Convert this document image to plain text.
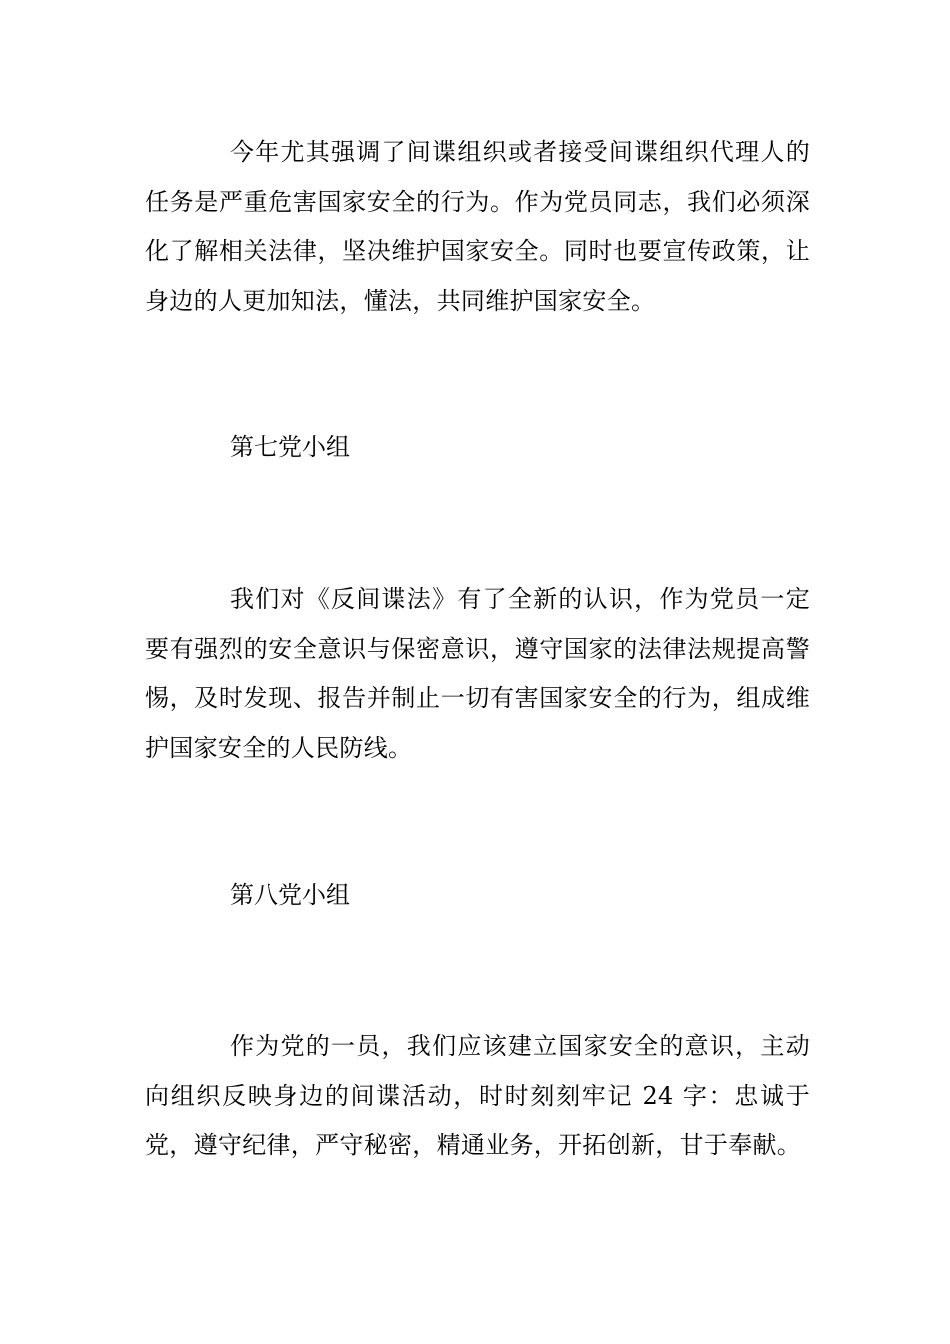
今年尤其强调了间谍组织或者接受间谍组织代理人的任务是严重危害国家安全的行为。作为党员同志，我们必须深化了解相关法律，坚决维护国家安全。同时也要宣传政策，让身边的人更加知法，懂法，共同维护国家安全。

第七党小组

我们对《反间谍法》有了全新的认识，作为党员一定要有强烈的安全意识与保密意识，遵守国家的法律法规提高警惕，及时发现、报告并制止一切有害国家安全的行为，组成维护国家安全的人民防线。

第八党小组

作为党的一员，我们应该建立国家安全的意识，主动向组织反映身边的间谍活动，时时刻刻牢记 24 字：忠诚于党，遵守纪律，严守秘密，精通业务，开拓创新，甘于奉献。
